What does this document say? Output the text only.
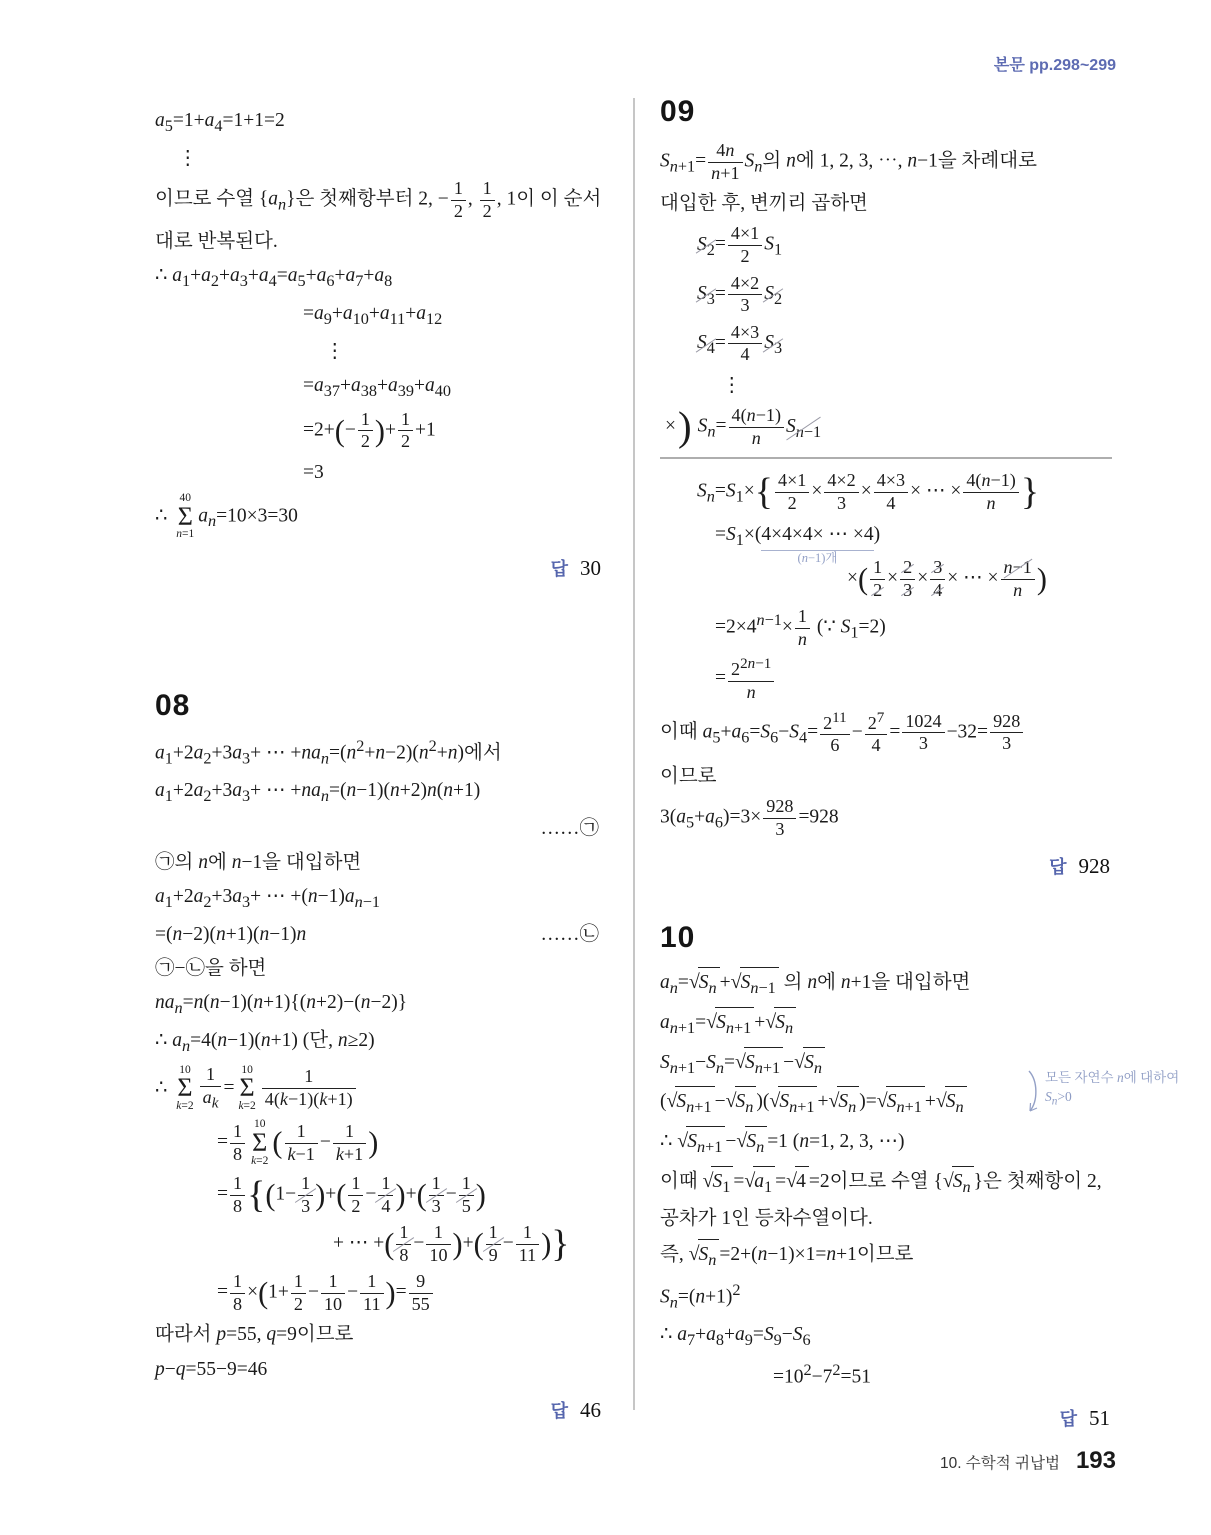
본문 pp.298~299
$a_5=1+a_4=1+1=2$
⋮
이므로 수열 $\{a_n\}$은 첫째항부터 2, − $\frac{1}{2}$ , $\frac{1}{2}$ , 1이 이 순서
대로 반복된다.
∴ $a_1+a_2+a_3+a_4=a_5+a_6+a_7+a_8$
$=a_9+a_{10}+a_{11}+a_{12}$
⋮
$=a_{37}+a_{38}+a_{39}+a_{40}$
$=2+(- \frac{1}{2}$ )+ $\frac{1}{2} +1$
=3
∴
40
Σ
n=1
$a_n=10\times 3=30$
답 30
08
$a_1+2a_2+3a_3+$ ⋯ $+na_n=(n^2+n-2)(n^2+n)$에서
$a_1+2a_2+3a_3+$ ⋯ $+na_n=(n-1)(n+2)n(n+1)$
……㉠
㉠의 n에 n−1을 대입하면
$a_1+2a_2+3a_3+$ ⋯ $+(n-1)a_{n-1}$
=(n−2)(n+1)(n−1)n	……㉡
㉠−㉡을 하면
$na_n=n(n-1)(n+1)\{(n+2)-(n-2)\}$
∴ $a_n=4(n-1)(n+1)$ (단, n≥2)
∴
10
Σ
$k=2 \frac{1}{a_k}$ =
10
Σ
$k=2 \frac{1}{4(k-1)(k+1)}$
= $\frac{1}{8} 10$
Σ
k=2
( $\frac{1}{k-1} - \frac{1}{k+1}$ )
= $\frac{1}{8} \{(1- \frac{1}{3}$ )+( $\frac{1}{2} - \frac{1}{4}$ )+( $\frac{1}{3} - \frac{1}{5}$ )
+ ⋯ +( $\frac{1}{8} - \frac{1}{10}$ )+( $\frac{1}{9} - \frac{1}{11}$ )}
= $\frac{1}{8} \times(1+ \frac{1}{2} - \frac{1}{10} - \frac{1}{11}$ )= $\frac{9}{55}$
따라서 p=55, q=9이므로
p−q=55−9=46
답 46
09
$S_{n+1}= \frac{4n}{n+1} S_n$의 n에 1, 2, 3, ⋯, n−1을 차례대로
대입한 후, 변끼리 곱하면
$S_2= \frac{4\times 1}{2} S_1$
$S_3= \frac{4\times 2}{3} S_2$
$S_4= \frac{4\times 3}{4} S_3$
⋮
×) $S_n= \frac{4(n-1)}{n} S_{n-1}$
$S_n=S_1\times\{ \frac{4\times 1}{2} \times \frac{4\times 2}{3} \times \frac{4\times 3}{4}$ × ⋯ × $\frac{4(n-1)}{n}$ }
$=S_1\times(4\times 4\times 4\times$ ⋯ ×4
(n−1)개
)
×( $\frac{1}{2} \times \frac{2}{3} \times \frac{3}{4}$ × ⋯ × $\frac{n-1}{n}$ )
$=2\times 4^{n-1}\times \frac{1}{n}$ (∵ $S_1=2$)
= $\frac{2^{2n-1}}{n}$
이때 $a_5+a_6=S_6-S_4= \frac{2^{11}}{6} - \frac{2^7}{4} = \frac{1024}{3} -32= \frac{928}{3}$
이므로
$3(a_5+a_6)=3\times \frac{928}{3} =928$
답 928
10
$a_n=√S_n +√S_{n-1}$ 의 n에 n+1을 대입하면
$a_{n+1}=√S_{n+1} +√S_n$
$S_{n+1}-S_n=√S_{n+1} -√S_n$
($√S_{n+1} -√S_n$ )($√S_{n+1} +√S_n$ )$=√S_{n+1} +√S_n$
∴ $√S_{n+1} -√S_n =1$ (n=1, 2, 3, ⋯)
이때 $√S_1 =√a_1 =√4 =2$이므로 수열 {$√S_n$ }은 첫째항이 2,
공차가 1인 등차수열이다.
즉, $√S_n =2+(n-1)\times 1=n+1$이므로
$S_n=(n+1)^2$
∴ $a_7+a_8+a_9=S_9-S_6$
$=10^2-7^2=51$
답 51
모든 자연수 n에 대하여
$S_n>0$
10. 수학적 귀납법 193
